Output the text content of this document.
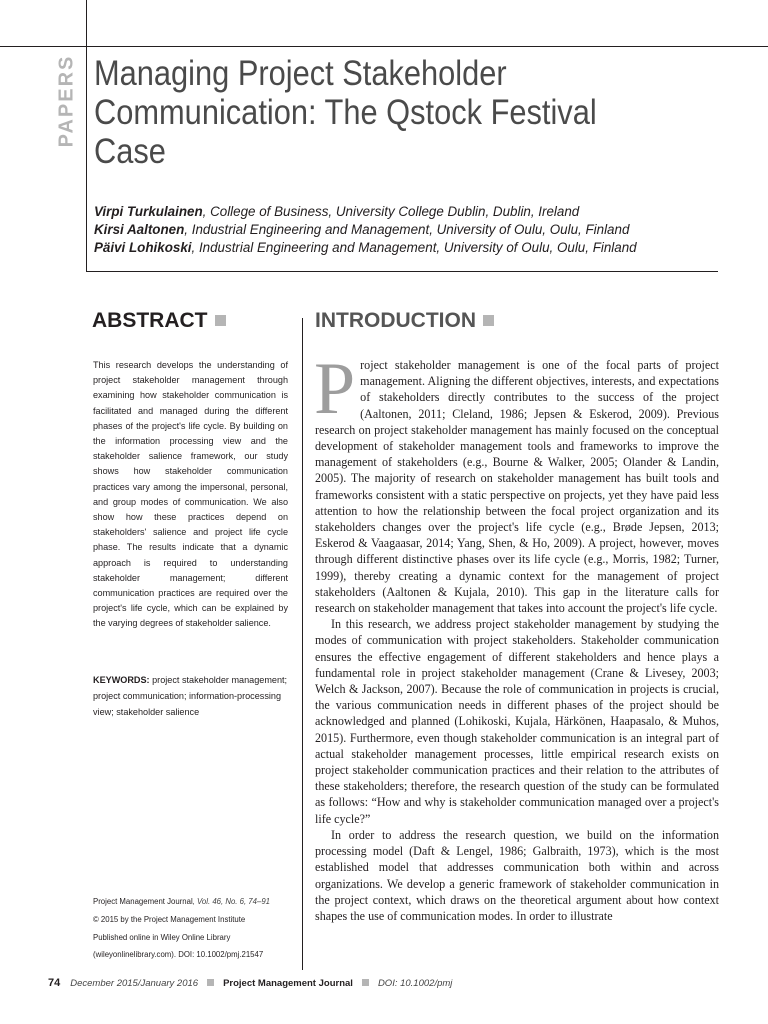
PAPERS Managing Project Stakeholder Communication: The Qstock Festival Case
Virpi Turkulainen, College of Business, University College Dublin, Dublin, Ireland
Kirsi Aaltonen, Industrial Engineering and Management, University of Oulu, Oulu, Finland
Päivi Lohikoski, Industrial Engineering and Management, University of Oulu, Oulu, Finland
ABSTRACT

This research develops the understanding of project stakeholder management through examining how stakeholder communication is facilitated and managed during the different phases of the project's life cycle. By building on the information processing view and the stakeholder salience framework, our study shows how stakeholder communication practices vary among the impersonal, personal, and group modes of communication. We also show how these practices depend on stakeholders' salience and project life cycle phase. The results indicate that a dynamic approach is required to understanding stakeholder management; different communication practices are required over the project's life cycle, which can be explained by the varying degrees of stakeholder salience.

KEYWORDS: project stakeholder management; project communication; information-processing view; stakeholder salience

Project Management Journal, Vol. 46, No. 6, 74–91
© 2015 by the Project Management Institute
Published online in Wiley Online Library
(wileyonlinelibrary.com). DOI: 10.1002/pmj.21547
INTRODUCTION

Project stakeholder management is one of the focal parts of project management. Aligning the different objectives, interests, and expectations of stakeholders directly contributes to the success of the project (Aaltonen, 2011; Cleland, 1986; Jepsen & Eskerod, 2009). Previous research on project stakeholder management has mainly focused on the conceptual development of stakeholder management tools and frameworks to improve the management of stakeholders (e.g., Bourne & Walker, 2005; Olander & Landin, 2005). The majority of research on stakeholder management has built tools and frameworks consistent with a static perspective on projects, yet they have paid less attention to how the relationship between the focal project organization and its stakeholders changes over the project's life cycle (e.g., Brøde Jepsen, 2013; Eskerod & Vaagaasar, 2014; Yang, Shen, & Ho, 2009). A project, however, moves through different distinctive phases over its life cycle (e.g., Morris, 1982; Turner, 1999), thereby creating a dynamic context for the management of project stakeholders (Aaltonen & Kujala, 2010). This gap in the literature calls for research on stakeholder management that takes into account the project's life cycle.

In this research, we address project stakeholder management by studying the modes of communication with project stakeholders. Stakeholder communication ensures the effective engagement of different stakeholders and hence plays a fundamental role in project stakeholder management (Crane & Livesey, 2003; Welch & Jackson, 2007). Because the role of communication in projects is crucial, the various communication needs in different phases of the project should be acknowledged and planned (Lohikoski, Kujala, Härkönen, Haapasalo, & Muhos, 2015). Furthermore, even though stakeholder communication is an integral part of actual stakeholder management processes, little empirical research exists on project stakeholder communication practices and their relation to the attributes of these stakeholders; therefore, the research question of the study can be formulated as follows: “How and why is stakeholder communication managed over a project's life cycle?”

In order to address the research question, we build on the information processing model (Daft & Lengel, 1986; Galbraith, 1973), which is the most established model that addresses communication both within and across organizations. We develop a generic framework of stakeholder communication in the project context, which draws on the theoretical argument about how context shapes the use of communication modes. In order to illustrate

74 December 2015/January 2016	Project Management Journal	DOI: 10.1002/pmj
